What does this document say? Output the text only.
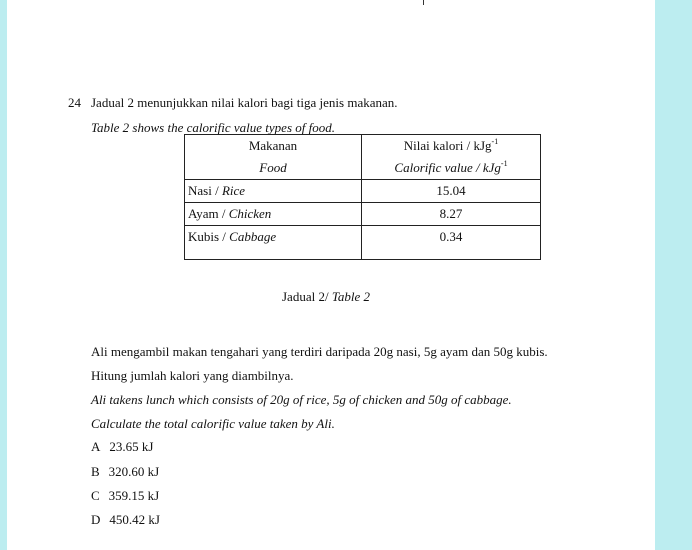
24 Jadual 2 menunjukkan nilai kalori bagi tiga jenis makanan.
Table 2 shows the calorific value types of food.
Makanan	Nilai kalori / kJg$^{-1}$
Food	Calorific value / kJg$^{-1}$
Nasi / Rice	15.04
Ayam / Chicken	8.27
Kubis / Cabbage	0.34
Jadual 2/ Table 2
Ali mengambil makan tengahari yang terdiri daripada 20g nasi, 5g ayam dan 50g kubis.
Hitung jumlah kalori yang diambilnya.
Ali takens lunch which consists of 20g of rice, 5g of chicken and 50g of cabbage.
Calculate the total calorific value taken by Ali.
A 23.65 kJ
B 320.60 kJ
C 359.15 kJ
D 450.42 kJ
